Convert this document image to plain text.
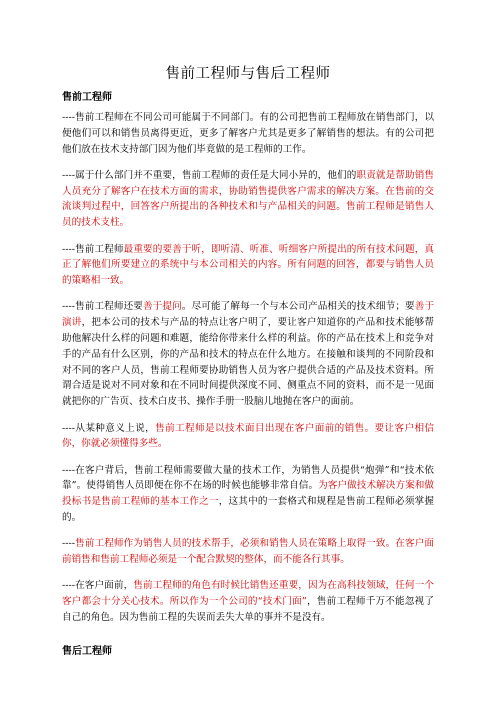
售前工程师与售后工程师
售前工程师

----售前工程师在不同公司可能属于不同部门。有的公司把售前工程师放在销售部门，以便他们可以和销售员离得更近，更多了解客户尤其是更多了解销售的想法。有的公司把他们放在技术支持部门因为他们毕竟做的是工程师的工作。

----属于什么部门并不重要，售前工程师的责任是大同小异的，他们的职责就是帮助销售人员充分了解客户在技术方面的需求，协助销售提供客户需求的解决方案。在售前的交流谈判过程中，回答客户所提出的各种技术和与产品相关的问题。售前工程师是销售人员的技术支柱。

----售前工程师最重要的要善于听，即听清、听准、听细客户所提出的所有技术问题，真正了解他们所要建立的系统中与本公司相关的内容。所有问题的回答，都要与销售人员的策略相一致。

----售前工程师还要善于提问。尽可能了解每一个与本公司产品相关的技术细节；要善于演讲，把本公司的技术与产品的特点让客户明了，要让客户知道你的产品和技术能够帮助他解决什么样的问题和难题，能给你带来什么样的利益。你的产品在技术上和竞争对手的产品有什么区别，你的产品和技术的特点在什么地方。在接触和谈判的不同阶段和对不同的客户人员，售前工程师要协助销售人员为客户提供合适的产品及技术资料。所谓合适是说对不同对象和在不同时间提供深度不同、侧重点不同的资料，而不是一见面就把你的广告页、技术白皮书、操作手册一股脑儿地抛在客户的面前。

----从某种意义上说，售前工程师是以技术面目出现在客户面前的销售。要让客户相信你，你就必须懂得多些。

----在客户背后，售前工程师需要做大量的技术工作，为销售人员提供“炮弹”和“技术依靠”。使得销售人员即便在你不在场的时候也能够非常自信。为客户做技术解决方案和做投标书是售前工程师的基本工作之一，这其中的一套格式和规程是售前工程师必须掌握的。

----售前工程师作为销售人员的技术帮手，必须和销售人员在策略上取得一致。在客户面前销售和售前工程师必须是一个配合默契的整体，而不能各行其事。

----在客户面前，售前工程师的角色有时候比销售还重要，因为在高科技领域，任何一个客户都会十分关心技术。所以作为一个公司的“技术门面”，售前工程师千万不能忽视了自己的角色。因为售前工程的失误而丢失大单的事并不是没有。

售后工程师
